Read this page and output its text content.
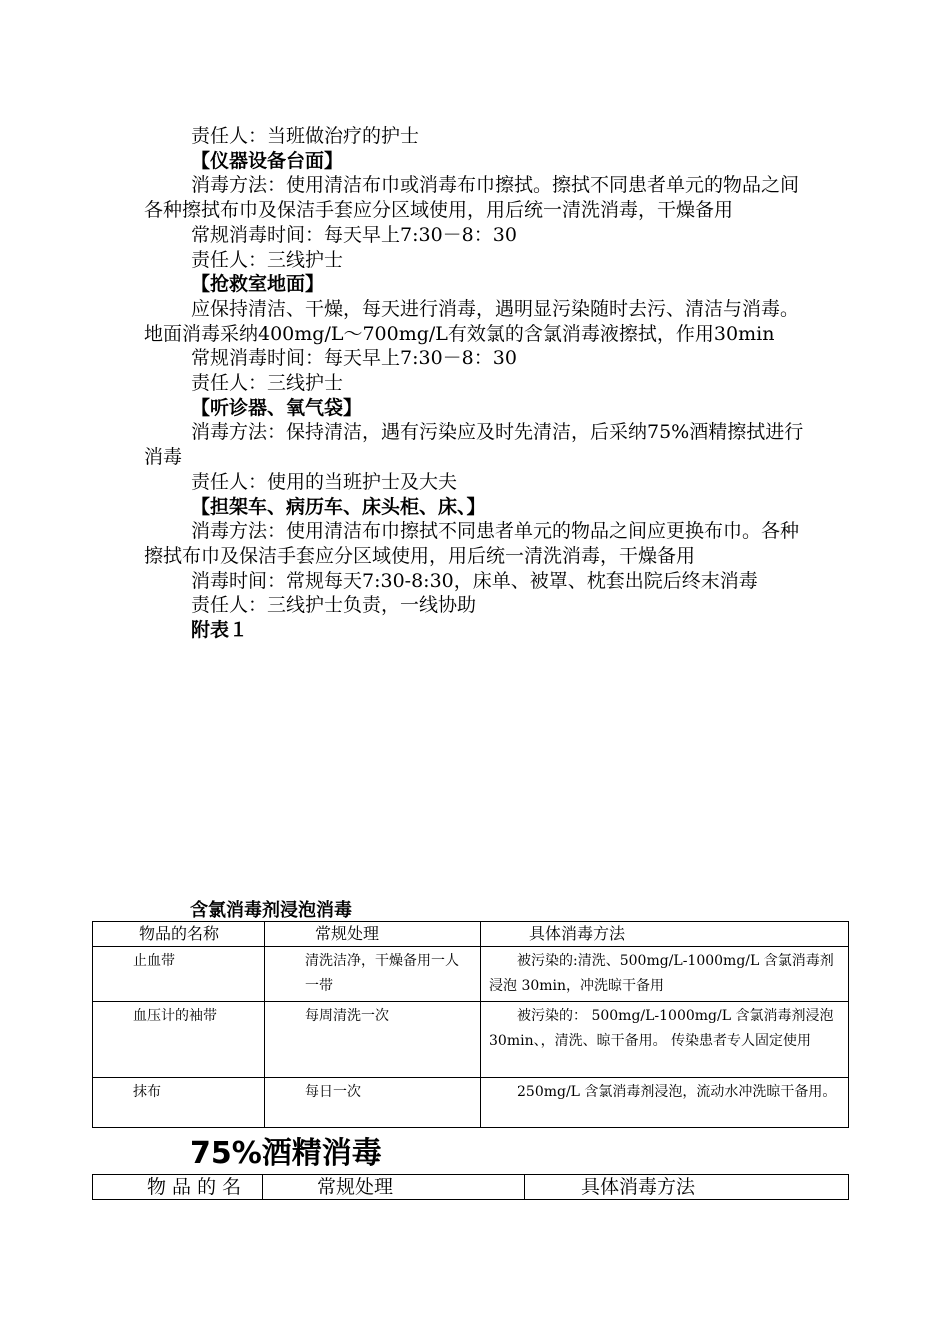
责任人：当班做治疗的护士

【仪器设备台面】

消毒方法：使用清洁布巾或消毒布巾擦拭。擦拭不同患者单元的物品之间各种擦拭布巾及保洁手套应分区域使用，用后统一清洗消毒，干燥备用

常规消毒时间：每天早上7:30－8：30

责任人：三线护士

【抢救室地面】

应保持清洁、干燥，每天进行消毒，遇明显污染随时去污、清洁与消毒。地面消毒采纳400mg/L～700mg/L有效氯的含氯消毒液擦拭，作用30min

常规消毒时间：每天早上7:30－8：30

责任人：三线护士

【听诊器、氧气袋】

消毒方法：保持清洁，遇有污染应及时先清洁，后采纳75%酒精擦拭进行消毒

责任人：使用的当班护士及大夫

【担架车、病历车、床头柜、床、】

消毒方法：使用清洁布巾擦拭不同患者单元的物品之间应更换布巾。各种擦拭布巾及保洁手套应分区域使用，用后统一清洗消毒，干燥备用

消毒时间：常规每天7:30-8:30，床单、被罩、枕套出院后终末消毒

责任人：三线护士负责，一线协助

附表１

含氯消毒剂浸泡消毒
物品的名称	常规处理	具体消毒方法
止血带	清洗洁净，干燥备用一人一带	被污染的:清洗、500mg/L-1000mg/L 含氯消毒剂浸泡 30min，冲洗晾干备用
血压计的袖带	每周清洗一次	被污染的： 500mg/L-1000mg/L 含氯消毒剂浸泡 30min、，清洗、晾干备用。 传染患者专人固定使用
抹布	每日一次	250mg/L 含氯消毒剂浸泡，流动水冲洗晾干备用。
75%酒精消毒
物 品 的 名	常规处理	具体消毒方法
